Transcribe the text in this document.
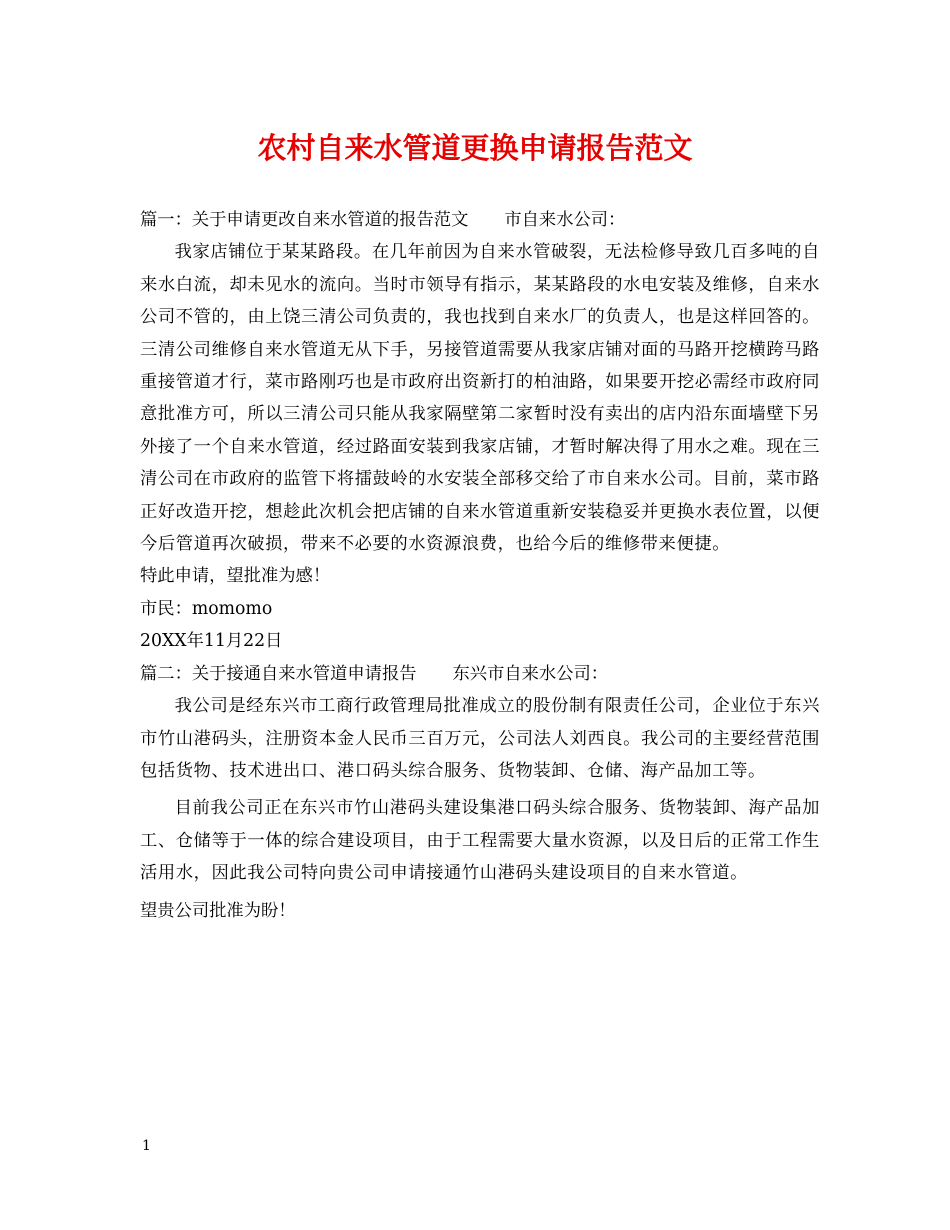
农村自来水管道更换申请报告范文

篇一：关于申请更改自来水管道的报告范文 市自来水公司：

我家店铺位于某某路段。在几年前因为自来水管破裂，无法检修导致几百多吨的自来水白流，却未见水的流向。当时市领导有指示，某某路段的水电安装及维修，自来水公司不管的，由上饶三清公司负责的，我也找到自来水厂的负责人，也是这样回答的。三清公司维修自来水管道无从下手，另接管道需要从我家店铺对面的马路开挖横跨马路重接管道才行，菜市路刚巧也是市政府出资新打的柏油路，如果要开挖必需经市政府同意批准方可，所以三清公司只能从我家隔壁第二家暂时没有卖出的店内沿东面墙壁下另外接了一个自来水管道，经过路面安装到我家店铺，才暂时解决得了用水之难。现在三清公司在市政府的监管下将擂鼓岭的水安装全部移交给了市自来水公司。目前，菜市路正好改造开挖，想趁此次机会把店铺的自来水管道重新安装稳妥并更换水表位置，以便今后管道再次破损，带来不必要的水资源浪费，也给今后的维修带来便捷。

特此申请，望批准为感！

市民：momomo

20XX年11月22日

篇二：关于接通自来水管道申请报告 东兴市自来水公司：

我公司是经东兴市工商行政管理局批准成立的股份制有限责任公司，企业位于东兴市竹山港码头，注册资本金人民币三百万元，公司法人刘西良。我公司的主要经营范围包括货物、技术进出口、港口码头综合服务、货物装卸、仓储、海产品加工等。

目前我公司正在东兴市竹山港码头建设集港口码头综合服务、货物装卸、海产品加工、仓储等于一体的综合建设项目，由于工程需要大量水资源，以及日后的正常工作生活用水，因此我公司特向贵公司申请接通竹山港码头建设项目的自来水管道。

望贵公司批准为盼！

1
